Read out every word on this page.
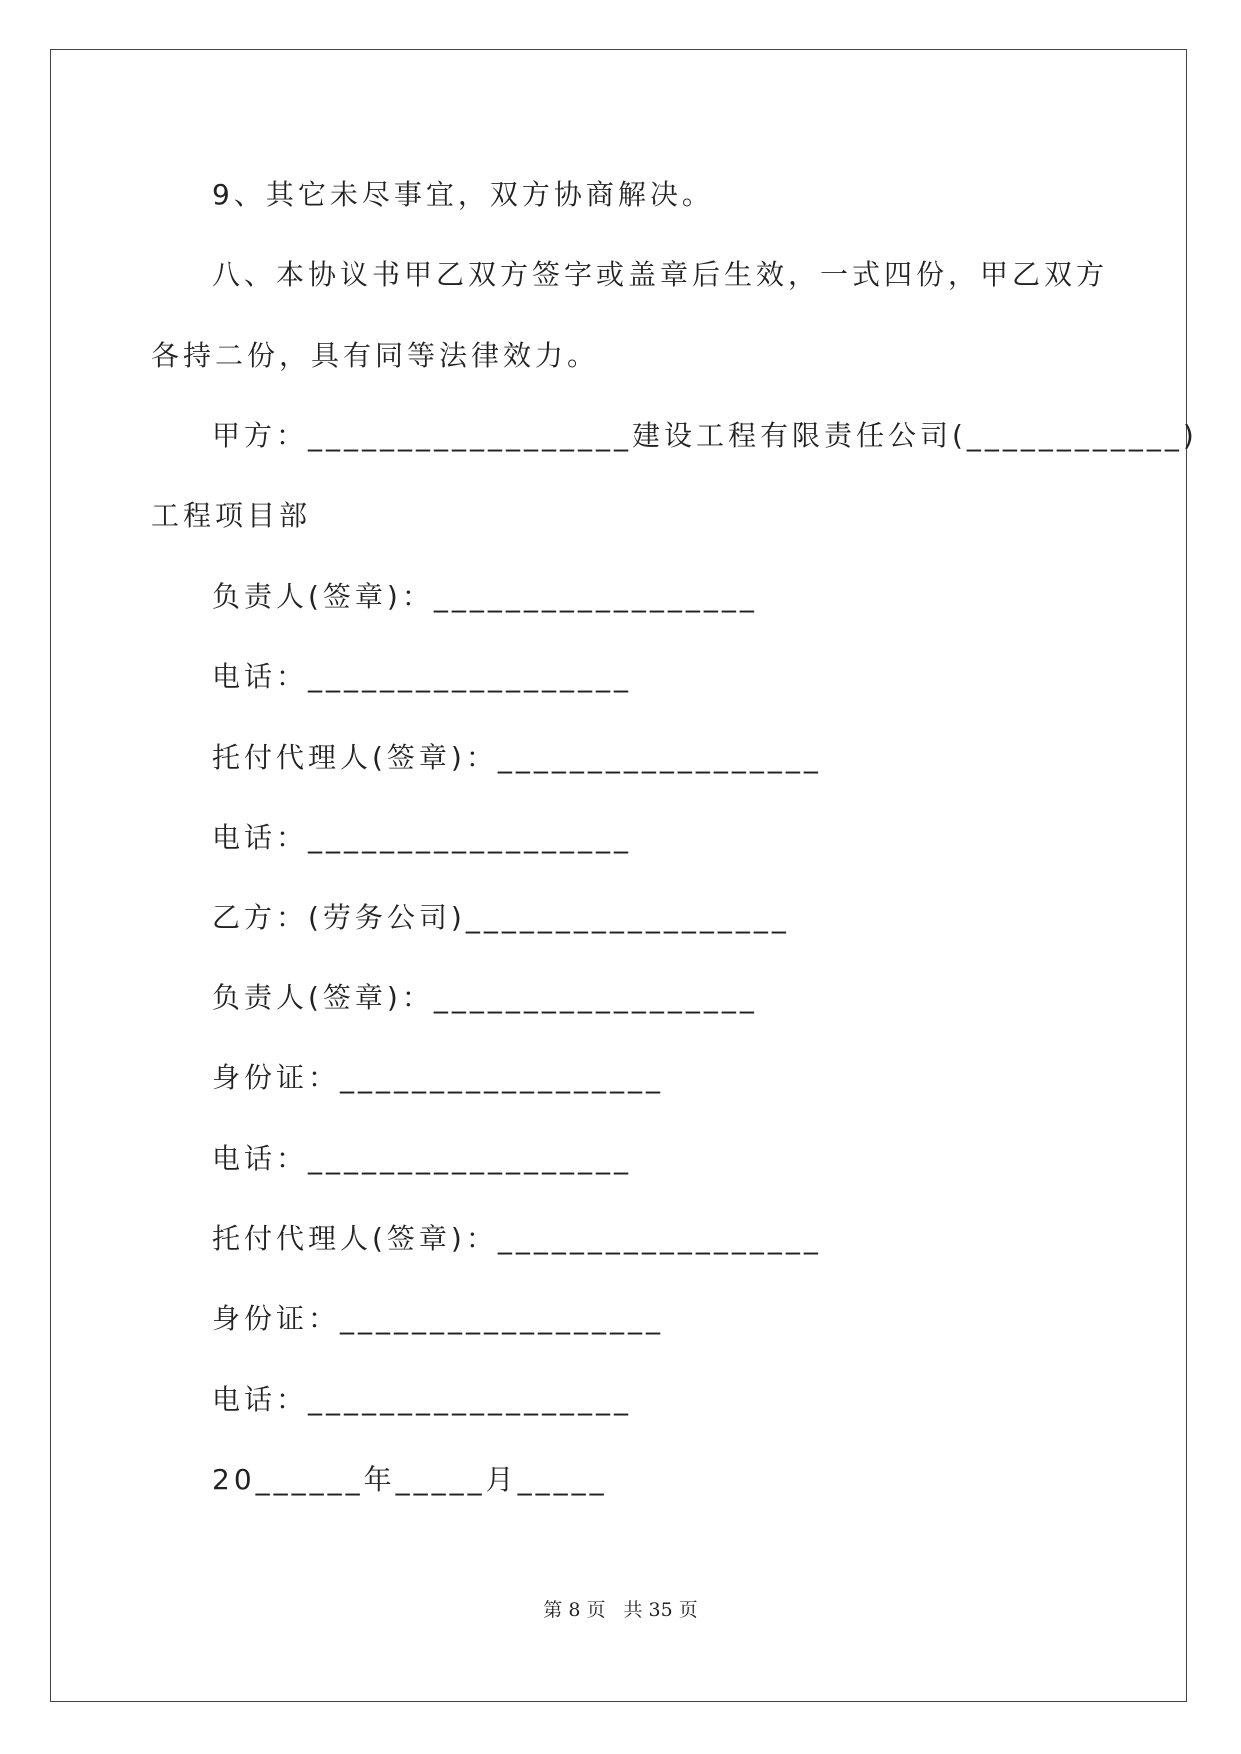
9、其它未尽事宜，双方协商解决。
八、本协议书甲乙双方签字或盖章后生效，一式四份，甲乙双方
各持二份，具有同等法律效力。
甲方：__________________建设工程有限责任公司(____________)
工程项目部
负责人(签章)：__________________
电话：__________________
托付代理人(签章)：__________________
电话：__________________
乙方：(劳务公司)__________________
负责人(签章)：__________________
身份证：__________________
电话：__________________
托付代理人(签章)：__________________
身份证：__________________
电话：__________________
20______年_____月_____
第 8 页 共 35 页
